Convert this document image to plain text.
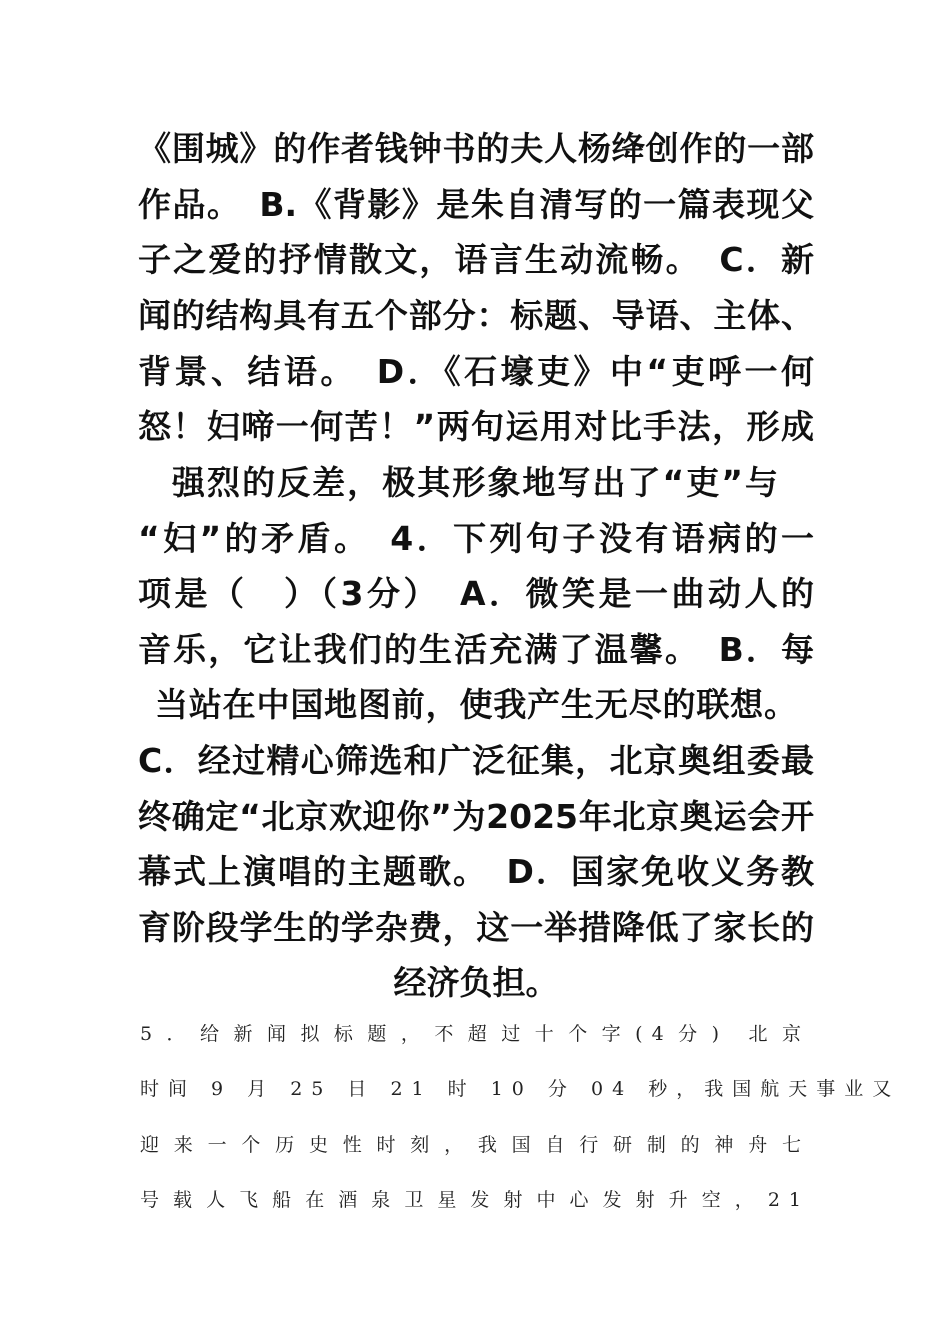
《围城》的作者钱钟书的夫人杨绛创作的一部
作品。　B.《背影》是朱自清写的一篇表现父
子之爱的抒情散文，语言生动流畅。　C．新
闻的结构具有五个部分：标题、导语、主体、
背景、结语。　D．《石壕吏》中“吏呼一何
怒！妇啼一何苦！”两句运用对比手法，形成
强烈的反差，极其形象地写出了“吏”与
“妇”的矛盾。　4．下列句子没有语病的一
项是（　）（3分）　A．微笑是一曲动人的
音乐，它让我们的生活充满了温馨。　B．每
当站在中国地图前，使我产生无尽的联想。
C．经过精心筛选和广泛征集，北京奥组委最
终确定“北京欢迎你”为2025年北京奥运会开
幕式上演唱的主题歌。　D．国家免收义务教
育阶段学生的学杂费，这一举措降低了家长的
经济负担。
5．给新闻拟标题，不超过十个字(4分) 北京
时间 9 月 25 日 21 时 10 分 04 秒，我国航天事业又
迎来一个历史性时刻，我国自行研制的神舟七
号载人飞船在酒泉卫星发射中心发射升空，21
